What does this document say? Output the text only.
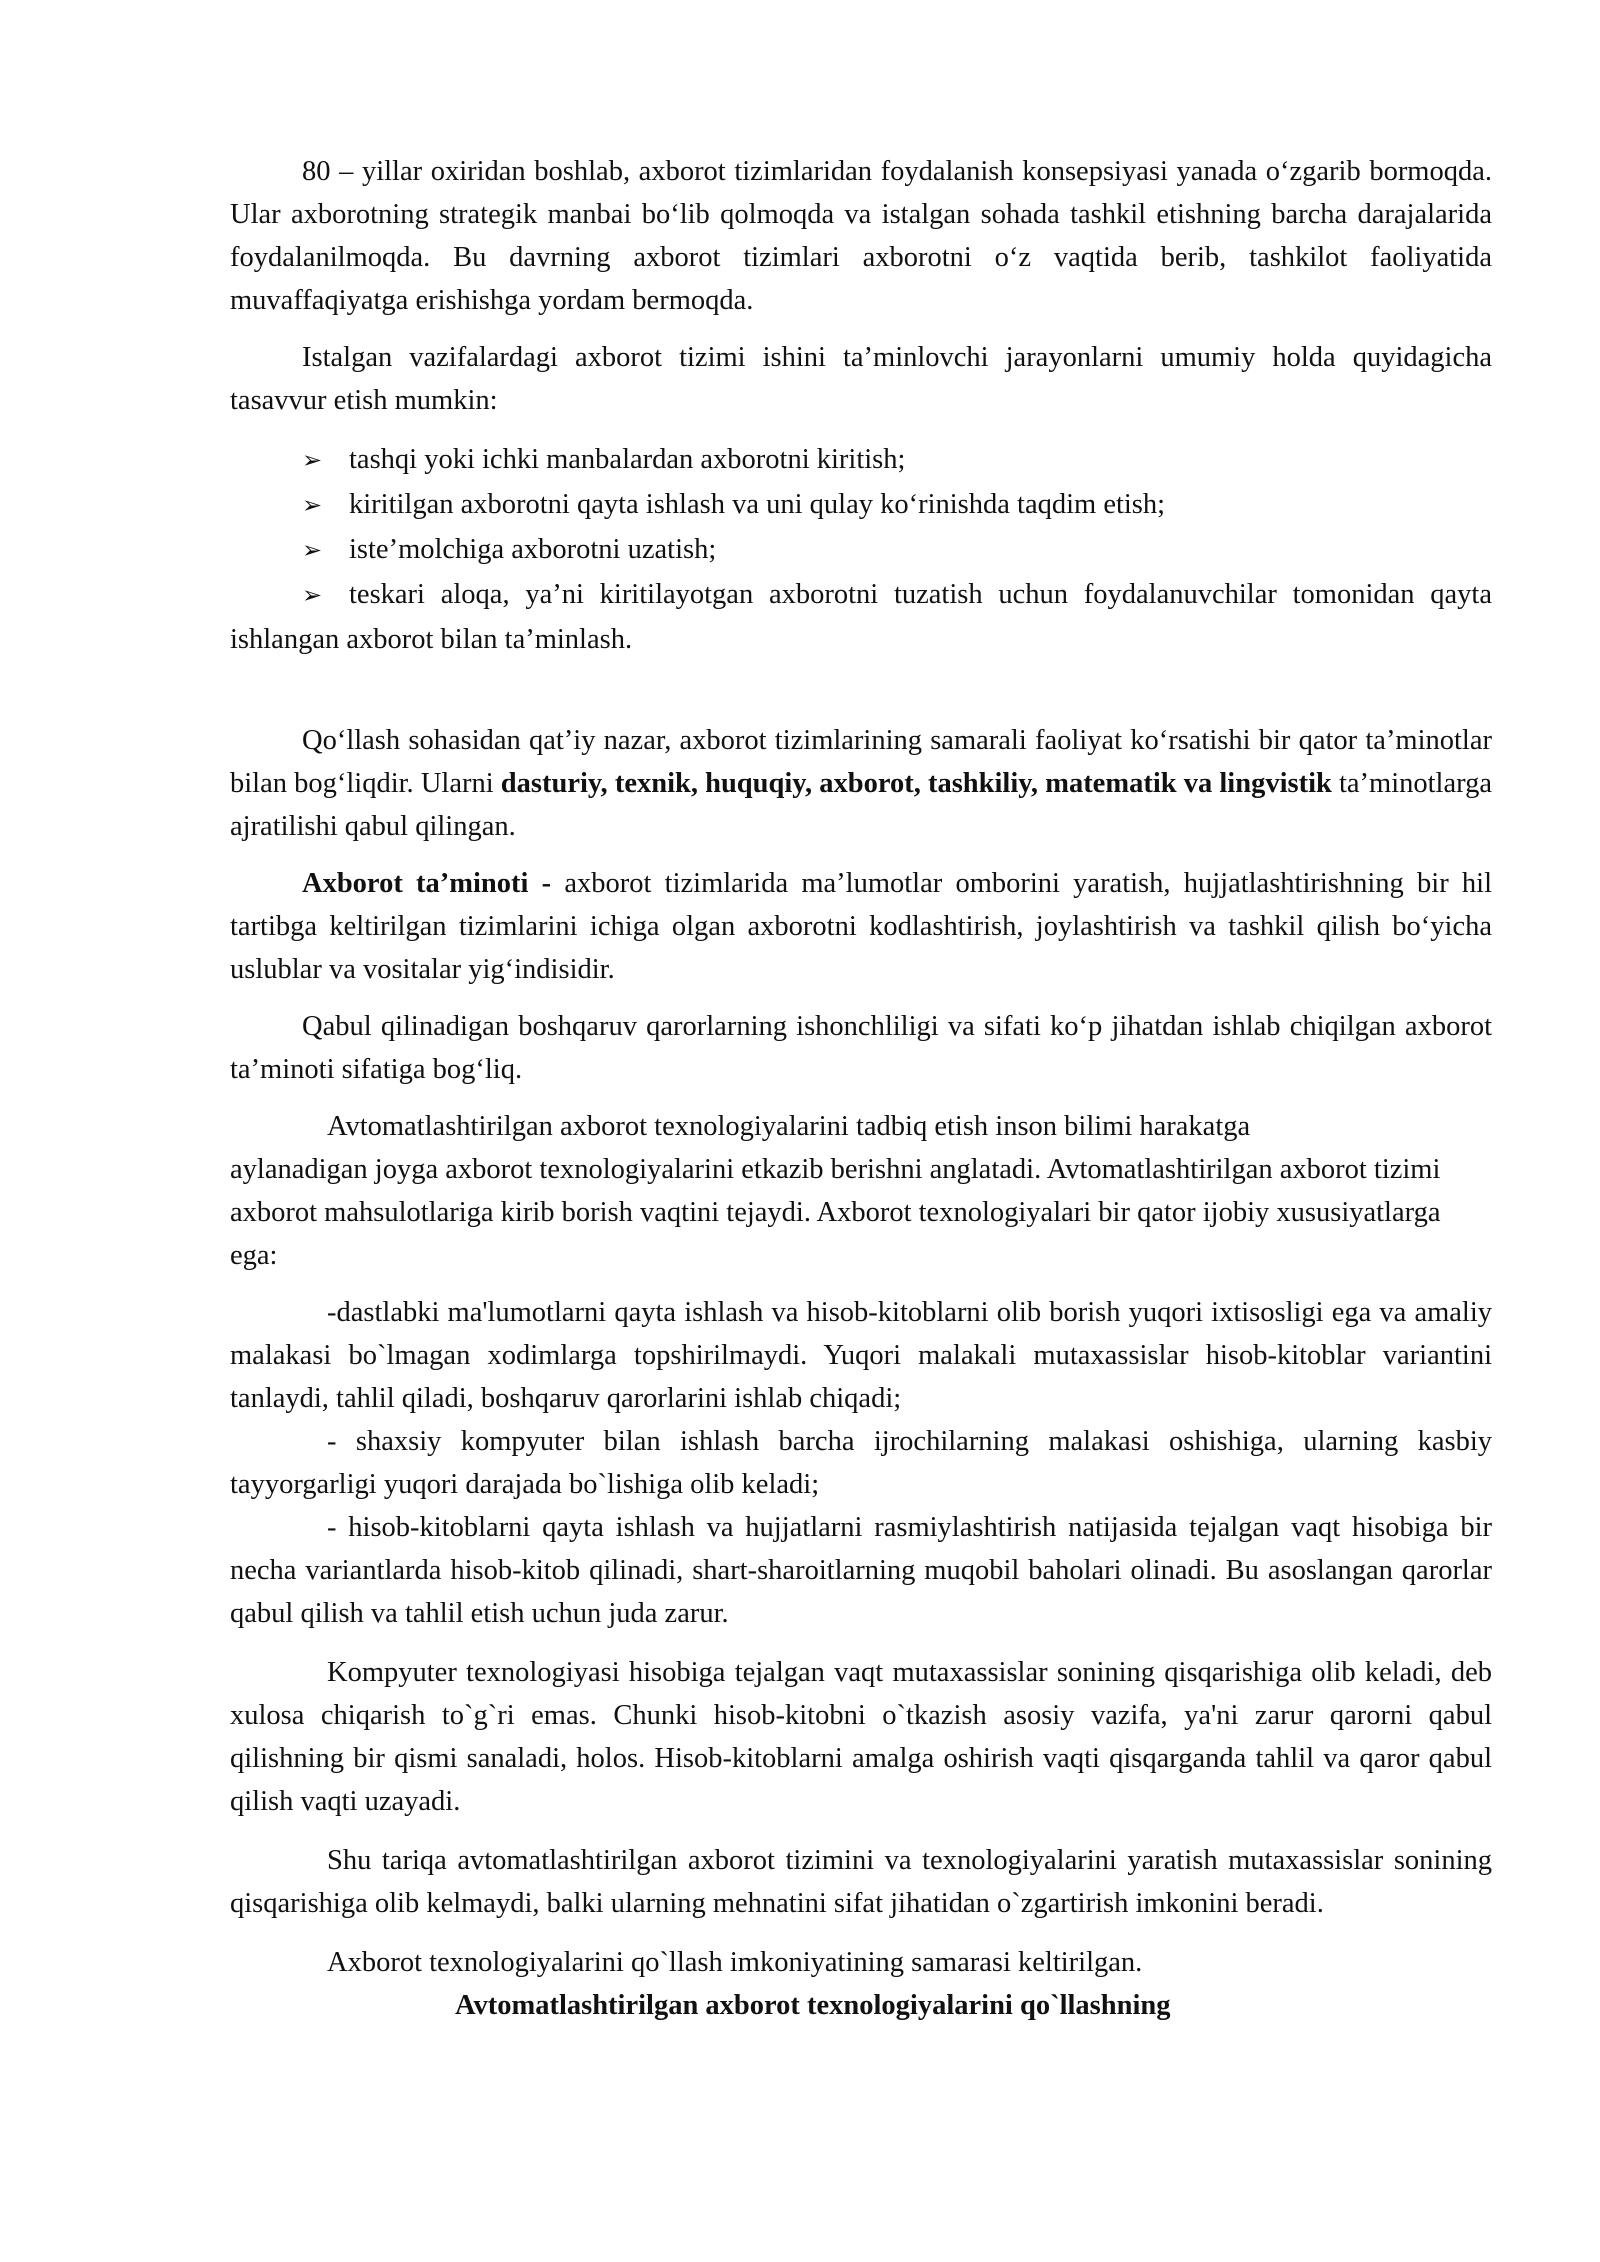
80 – yillar oxiridan boshlab, axborot tizimlaridan foydalanish konsepsiyasi yanada o‘zgarib bormoqda. Ular axborotning strategik manbai bo‘lib qolmoqda va istalgan sohada tashkil etishning barcha darajalarida foydalanilmoqda. Bu davrning axborot tizimlari axborotni o‘z vaqtida berib, tashkilot faoliyatida muvaffaqiyatga erishishga yordam bermoqda.

Istalgan vazifalardagi axborot tizimi ishini ta’minlovchi jarayonlarni umumiy holda quyidagicha tasavvur etish mumkin:

➢ tashqi yoki ichki manbalardan axborotni kiritish;
➢ kiritilgan axborotni qayta ishlash va uni qulay ko‘rinishda taqdim etish;
➢ iste’molchiga axborotni uzatish;
➢ teskari aloqa, ya’ni kiritilayotgan axborotni tuzatish uchun foydalanuvchilar tomonidan qayta ishlangan axborot bilan ta’minlash.

Qo‘llash sohasidan qat’iy nazar, axborot tizimlarining samarali faoliyat ko‘rsatishi bir qator ta’minotlar bilan bog‘liqdir. Ularni dasturiy, texnik, huquqiy, axborot, tashkiliy, matematik va lingvistik ta’minotlarga ajratilishi qabul qilingan.

Axborot ta’minoti - axborot tizimlarida ma’lumotlar omborini yaratish, hujjatlashtirishning bir hil tartibga keltirilgan tizimlarini ichiga olgan axborotni kodlashtirish, joylashtirish va tashkil qilish bo‘yicha uslublar va vositalar yig‘indisidir.

Qabul qilinadigan boshqaruv qarorlarning ishonchliligi va sifati ko‘p jihatdan ishlab chiqilgan axborot ta’minoti sifatiga bog‘liq.

Avtomatlashtirilgan axborot texnologiyalarini tadbiq etish inson bilimi harakatga

aylanadigan joyga axborot texnologiyalarini etkazib berishni anglatadi. Avtomatlashtirilgan axborot tizimi axborot mahsulotlariga kirib borish vaqtini tejaydi. Axborot texnologiyalari bir qator ijobiy xususiyatlarga ega:

-dastlabki ma'lumotlarni qayta ishlash va hisob-kitoblarni olib borish yuqori ixtisosligi ega va amaliy malakasi bo`lmagan xodimlarga topshirilmaydi. Yuqori malakali mutaxassislar hisob-kitoblar variantini tanlaydi, tahlil qiladi, boshqaruv qarorlarini ishlab chiqadi;

- shaxsiy kompyuter bilan ishlash barcha ijrochilarning malakasi oshishiga, ularning kasbiy tayyorgarligi yuqori darajada bo`lishiga olib keladi;

- hisob-kitoblarni qayta ishlash va hujjatlarni rasmiylashtirish natijasida tejalgan vaqt hisobiga bir necha variantlarda hisob-kitob qilinadi, shart-sharoitlarning muqobil baholari olinadi. Bu asoslangan qarorlar qabul qilish va tahlil etish uchun juda zarur.

Kompyuter texnologiyasi hisobiga tejalgan vaqt mutaxassislar sonining qisqarishiga olib keladi, deb xulosa chiqarish to`g`ri emas. Chunki hisob-kitobni o`tkazish asosiy vazifa, ya'ni zarur qarorni qabul qilishning bir qismi sanaladi, holos. Hisob-kitoblarni amalga oshirish vaqti qisqarganda tahlil va qaror qabul qilish vaqti uzayadi.

Shu tariqa avtomatlashtirilgan axborot tizimini va texnologiyalarini yaratish mutaxassislar sonining qisqarishiga olib kelmaydi, balki ularning mehnatini sifat jihatidan o`zgartirish imkonini beradi.

Axborot texnologiyalarini qo`llash imkoniyatining samarasi keltirilgan.

Avtomatlashtirilgan axborot texnologiyalarini qo`llashning
